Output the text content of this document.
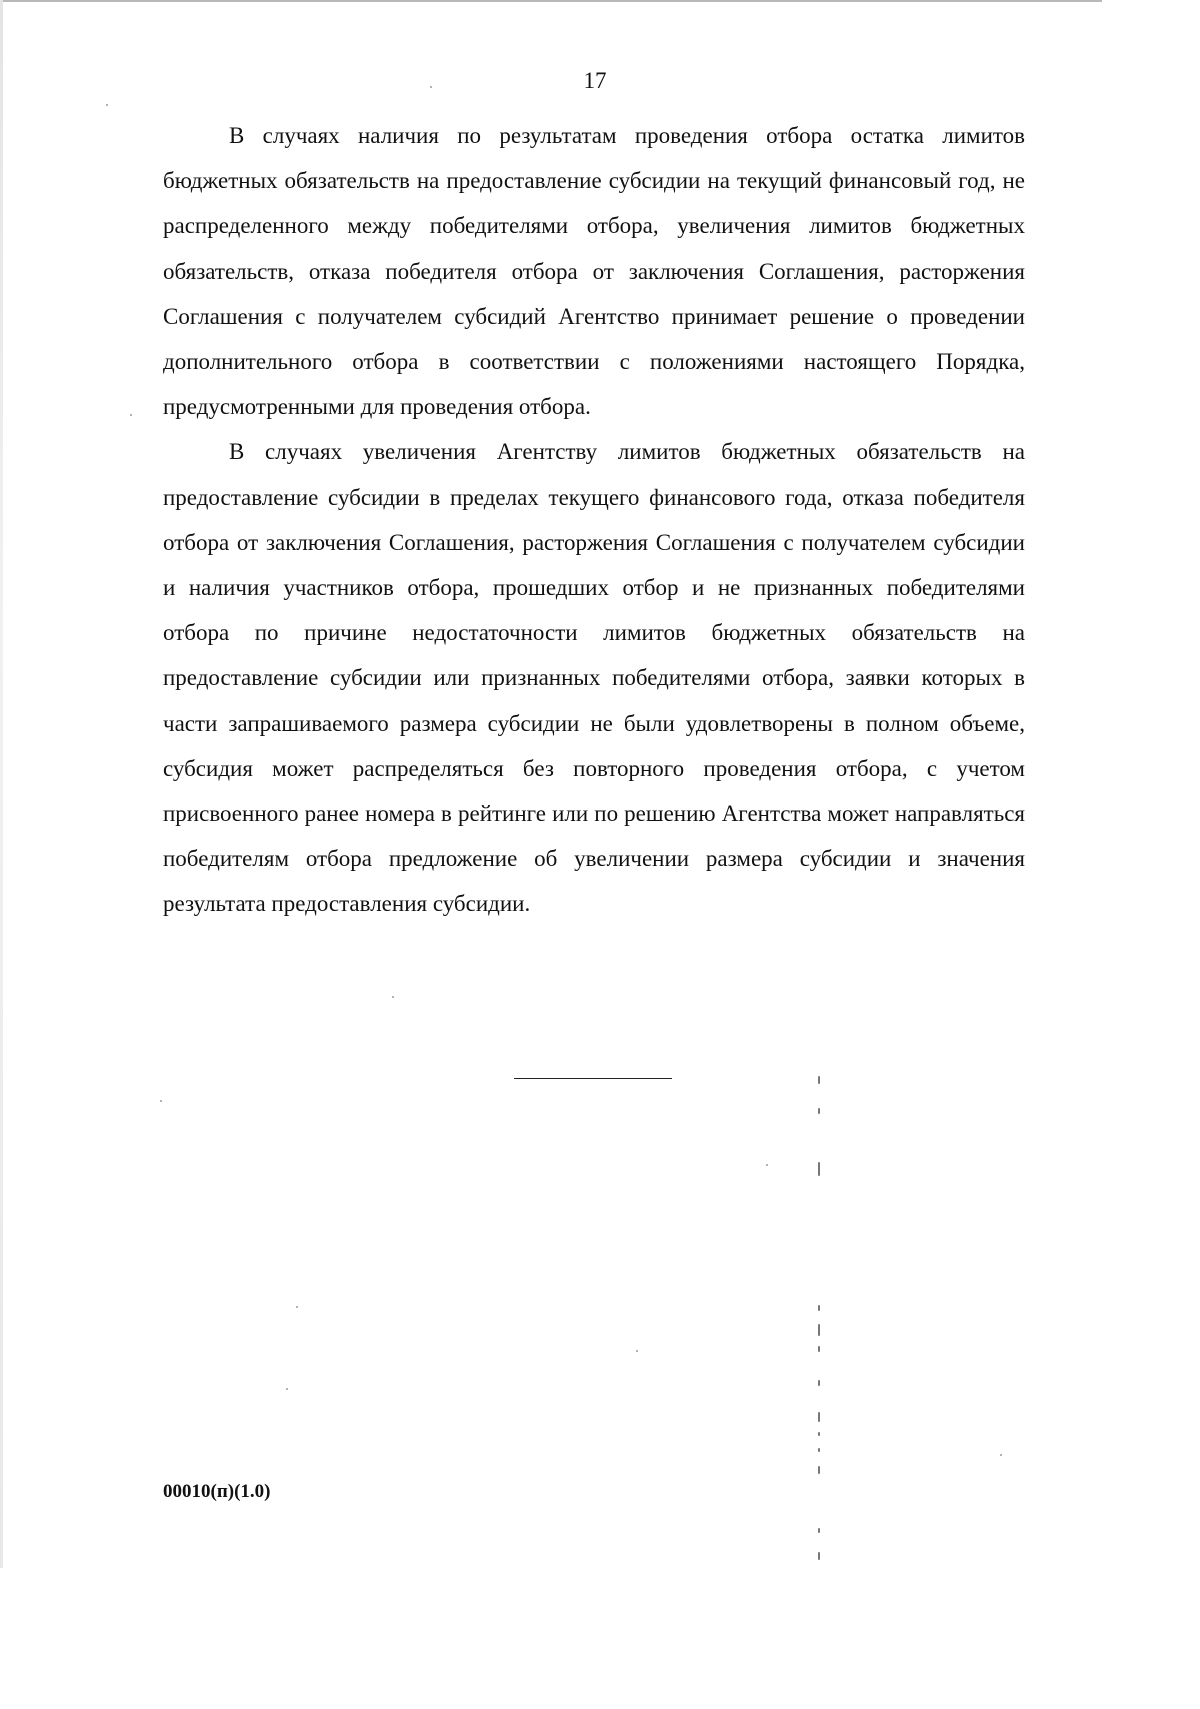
17

В случаях наличия по результатам проведения отбора остатка лимитов бюджетных обязательств на предоставление субсидии на текущий финансовый год, не распределенного между победителями отбора, увеличения лимитов бюджетных обязательств, отказа победителя отбора от заключения Соглашения, расторжения Соглашения с получателем субсидий Агентство принимает решение о проведении дополнительного отбора в соответствии с положениями настоящего Порядка, предусмотренными для проведения отбора.

В случаях увеличения Агентству лимитов бюджетных обязательств на предоставление субсидии в пределах текущего финансового года, отказа победителя отбора от заключения Соглашения, расторжения Соглашения с получателем субсидии и наличия участников отбора, прошедших отбор и не признанных победителями отбора по причине недостаточности лимитов бюджетных обязательств на предоставление субсидии или признанных победителями отбора, заявки которых в части запрашиваемого размера субсидии не были удовлетворены в полном объеме, субсидия может распределяться без повторного проведения отбора, с учетом присвоенного ранее номера в рейтинге или по решению Агентства может направляться победителям отбора предложение об увеличении размера субсидии и значения результата предоставления субсидии.

00010(п)(1.0)
